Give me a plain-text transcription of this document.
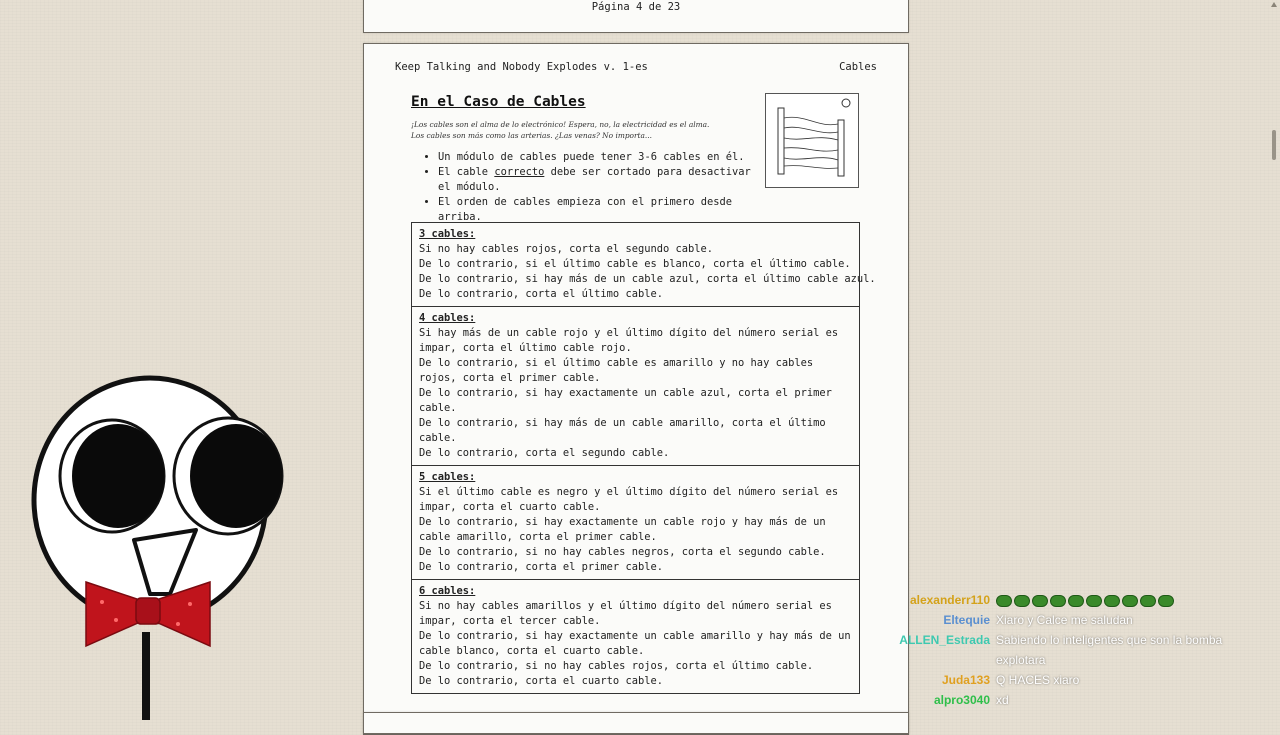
Página 4 de 23
Keep Talking and Nobody Explodes v. 1-es	Cables
En el Caso de Cables
¡Los cables son el alma de lo electrónico! Espera, no, la electricidad es el alma.
Los cables son más como las arterias. ¿Las venas? No importa...
• Un módulo de cables puede tener 3-6 cables en él.
• El cable correcto debe ser cortado para desactivar el módulo.
• El orden de cables empieza con el primero desde arriba.
3 cables:
Si no hay cables rojos, corta el segundo cable.
De lo contrario, si el último cable es blanco, corta el último cable.
De lo contrario, si hay más de un cable azul, corta el último cable azul.
De lo contrario, corta el último cable.
4 cables:
Si hay más de un cable rojo y el último dígito del número serial es impar, corta el último cable rojo.
De lo contrario, si el último cable es amarillo y no hay cables rojos, corta el primer cable.
De lo contrario, si hay exactamente un cable azul, corta el primer cable.
De lo contrario, si hay más de un cable amarillo, corta el último cable.
De lo contrario, corta el segundo cable.
5 cables:
Si el último cable es negro y el último dígito del número serial es impar, corta el cuarto cable.
De lo contrario, si hay exactamente un cable rojo y hay más de un cable amarillo, corta el primer cable.
De lo contrario, si no hay cables negros, corta el segundo cable.
De lo contrario, corta el primer cable.
6 cables:
Si no hay cables amarillos y el último dígito del número serial es impar, corta el tercer cable.
De lo contrario, si hay exactamente un cable amarillo y hay más de un cable blanco, corta el cuarto cable.
De lo contrario, si no hay cables rojos, corta el último cable.
De lo contrario, corta el cuarto cable.
alexanderr110
Eltequie Xiaro y Calce me saludan
ALLEN_Estrada Sabiendo lo inteligentes que son la bomba explotara
Juda133 Q HACES xiaro
alpro3040 xd
